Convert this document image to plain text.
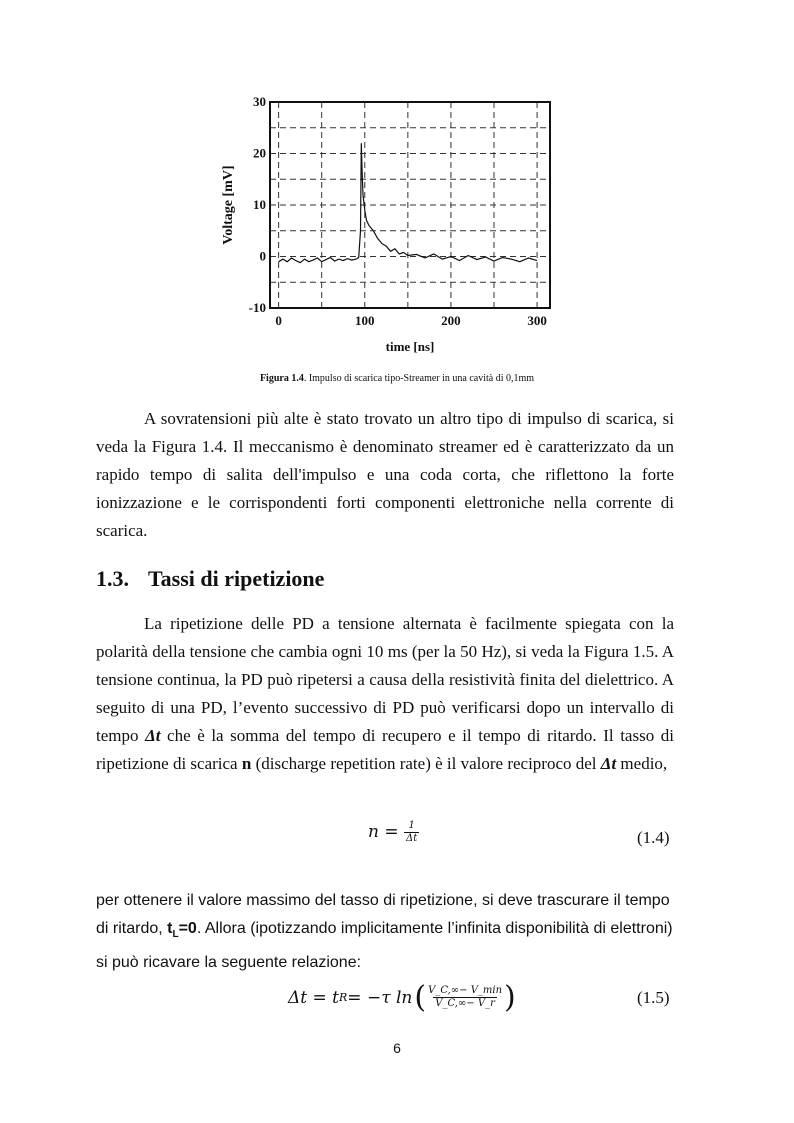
-10
0
10
20
30
0	100	200	300
Voltage [mV]
time [ns]
Figura 1.4. Impulso di scarica tipo-Streamer in una cavità di 0,1mm

A sovratensioni più alte è stato trovato un altro tipo di impulso di scarica, si veda la Figura 1.4. Il meccanismo è denominato streamer ed è caratterizzato da un rapido tempo di salita dell'impulso e una coda corta, che riflettono la forte ionizzazione e le corrispondenti forti componenti elettroniche nella corrente di scarica.

1.3. Tassi di ripetizione

La ripetizione delle PD a tensione alternata è facilmente spiegata con la polarità della tensione che cambia ogni 10 ms (per la 50 Hz), si veda la Figura 1.5. A tensione continua, la PD può ripetersi a causa della resistività finita del dielettrico. A seguito di una PD, l’evento successivo di PD può verificarsi dopo un intervallo di tempo Δt che è la somma del tempo di recupero e il tempo di ritardo. Il tasso di ripetizione di scarica n (discharge repetition rate) è il valore reciproco del Δt medio,

$n = \frac{1}{\Delta t}$	(1.4)

per ottenere il valore massimo del tasso di ripetizione, si deve trascurare il tempo di ritardo, $t_L=0$. Allora (ipotizzando implicitamente l’infinita disponibilità di elettroni) si può ricavare la seguente relazione:

Δt = t R = −τ ln ( $\frac{V\_C,\infty- V\_\min}{V\_C,\infty- V\_r}$ )	(1.5)
6
